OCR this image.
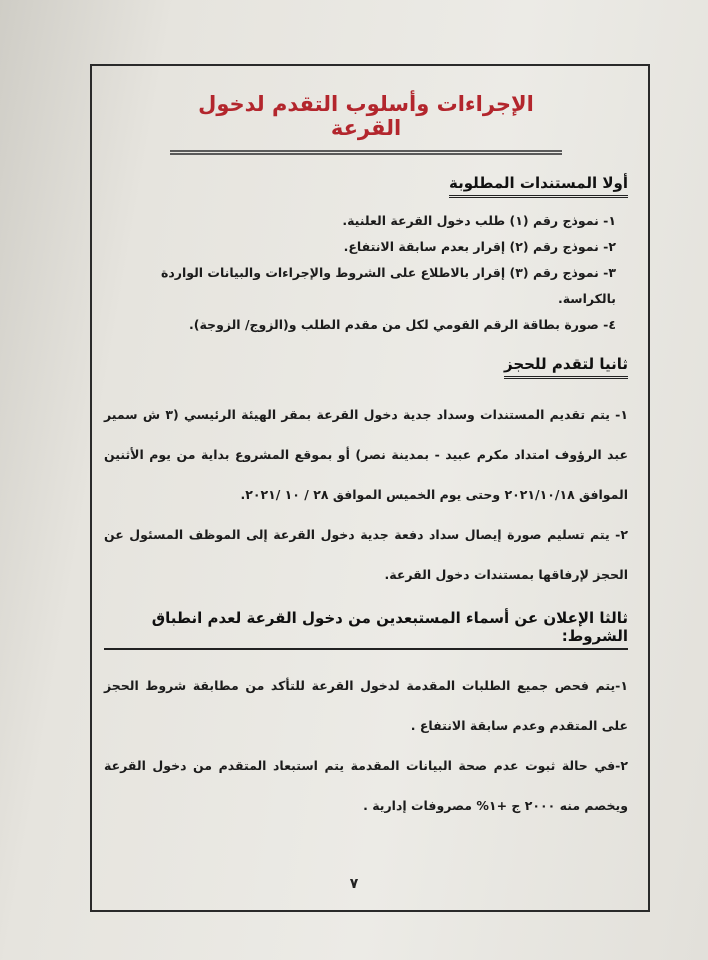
الإجراءات وأسلوب التقدم لدخول القرعة
أولا المستندات المطلوبة
١- نموذج رقم (١) طلب دخول القرعة العلنية.
٢- نموذج رقم (٢) إقرار بعدم سابقة الانتفاع.
٣- نموذج رقم (٣) إقرار بالاطلاع على الشروط والإجراءات والبيانات الواردة بالكراسة.
٤- صورة بطاقة الرقم القومي لكل من مقدم الطلب و(الزوج/ الزوجة).
ثانيا لتقدم للحجز
١- يتم تقديم المستندات وسداد جدية دخول القرعة بمقر الهيئة الرئيسي (٣ ش سمير عبد الرؤوف امتداد مكرم عبيد - بمدينة نصر) أو بموقع المشروع بداية من يوم الأثنين الموافق ٢٠٢١/١٠/١٨ وحتى يوم الخميس الموافق ٢٨ / ١٠ /٢٠٢١.
٢- يتم تسليم صورة إيصال سداد دفعة جدية دخول القرعة إلى الموظف المسئول عن الحجز لإرفاقها بمستندات دخول القرعة.
ثالثا الإعلان عن أسماء المستبعدين من دخول القرعة لعدم انطباق الشروط:
١-يتم فحص جميع الطلبات المقدمة لدخول القرعة للتأكد من مطابقة شروط الحجز على المتقدم وعدم سابقة الانتفاع .
٢-في حالة ثبوت عدم صحة البيانات المقدمة يتم استبعاد المتقدم من دخول القرعة ويخصم منه ٢٠٠٠ ج +١% مصروفات إدارية .
٧
